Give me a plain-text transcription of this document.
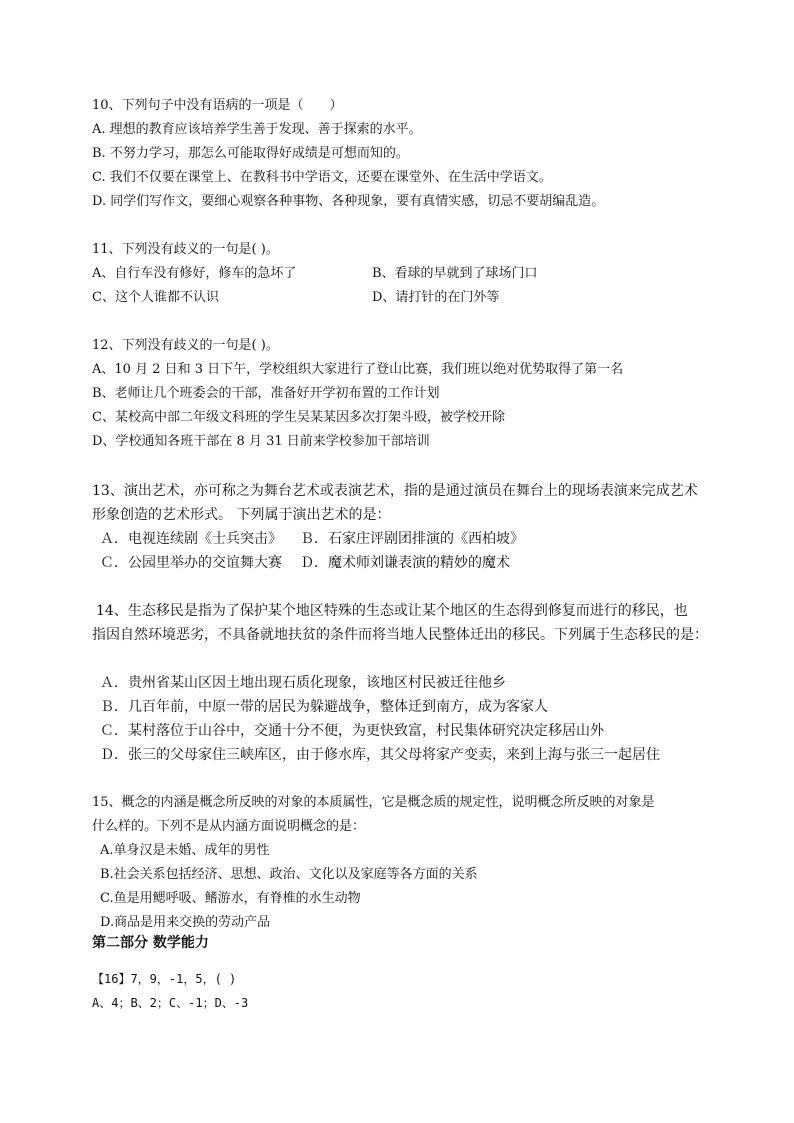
10、下列句子中没有语病的一项是（　　）
A. 理想的教育应该培养学生善于发现、善于探索的水平。
B. 不努力学习，那怎么可能取得好成绩是可想而知的。
C. 我们不仅要在课堂上、在教科书中学语文，还要在课堂外、在生活中学语文。
D. 同学们写作文，要细心观察各种事物、各种现象，要有真情实感，切忌不要胡编乱造。
11、下列没有歧义的一句是( )。
A、自行车没有修好，修车的急坏了	B、看球的早就到了球场门口
C、这个人谁都不认识	D、请打针的在门外等
12、下列没有歧义的一句是( )。
A、10 月 2 日和 3 日下午，学校组织大家进行了登山比赛，我们班以绝对优势取得了第一名
B、老师让几个班委会的干部，准备好开学初布置的工作计划
C、某校高中部二年级文科班的学生吴某某因多次打架斗殴，被学校开除
D、学校通知各班干部在 8 月 31 日前来学校参加干部培训
13、演出艺术，亦可称之为舞台艺术或表演艺术，指的是通过演员在舞台上的现场表演来完成艺术
形象创造的艺术形式。 下列属于演出艺术的是：
Ａ．电视连续剧《士兵突击》 Ｂ．石家庄评剧团排演的《西柏坡》
Ｃ．公园里举办的交谊舞大赛 Ｄ．魔术师刘谦表演的精妙的魔术
14、生态移民是指为了保护某个地区特殊的生态或让某个地区的生态得到修复而进行的移民，也
指因自然环境恶劣，不具备就地扶贫的条件而将当地人民整体迁出的移民。下列属于生态移民的是：
Ａ．贵州省某山区因土地出现石质化现象，该地区村民被迁往他乡
Ｂ．几百年前，中原一带的居民为躲避战争，整体迁到南方，成为客家人
Ｃ．某村落位于山谷中，交通十分不便，为更快致富，村民集体研究决定移居山外
Ｄ．张三的父母家住三峡库区，由于修水库，其父母将家产变卖，来到上海与张三一起居住
15、概念的内涵是概念所反映的对象的本质属性，它是概念质的规定性，说明概念所反映的对象是
什么样的。下列不是从内涵方面说明概念的是：
A.单身汉是未婚、成年的男性
B.社会关系包括经济、思想、政治、文化以及家庭等各方面的关系
C.鱼是用鳃呼吸、鳍游水，有脊椎的水生动物
D.商品是用来交换的劳动产品
第二部分 数学能力
【16】7，9，-1，5，( )
A、4；B、2；C、-1；D、-3
